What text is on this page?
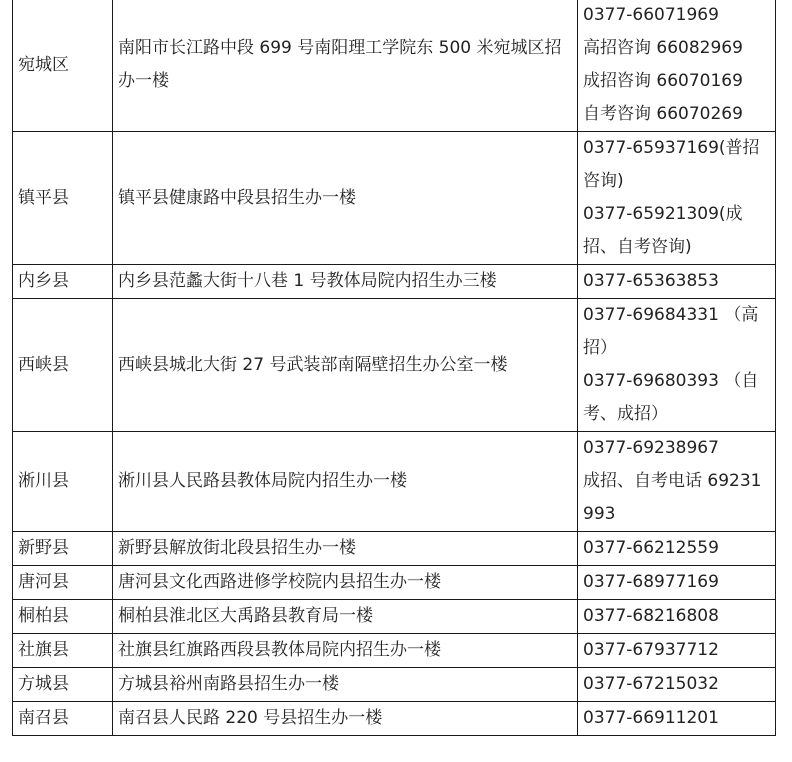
宛城区	南阳市长江路中段 699 号南阳理工学院东 500 米宛城区招办一楼	0377-66071969
高招咨询 66082969
成招咨询 66070169
自考咨询 66070269

镇平县	镇平县健康路中段县招生办一楼	0377-65937169(普招咨询)
0377-65921309(成招、自考咨询)

内乡县	内乡县范蠡大街十八巷 1 号教体局院内招生办三楼	0377-65363853

西峡县	西峡县城北大街 27 号武装部南隔壁招生办公室一楼	0377-69684331 （高招）
0377-69680393 （自考、成招）

淅川县	淅川县人民路县教体局院内招生办一楼	0377-69238967
成招、自考电话 69231993

新野县	新野县解放街北段县招生办一楼	0377-66212559

唐河县	唐河县文化西路进修学校院内县招生办一楼	0377-68977169

桐柏县	桐柏县淮北区大禹路县教育局一楼	0377-68216808

社旗县	社旗县红旗路西段县教体局院内招生办一楼	0377-67937712

方城县	方城县裕州南路县招生办一楼	0377-67215032

南召县	南召县人民路 220 号县招生办一楼	0377-66911201
